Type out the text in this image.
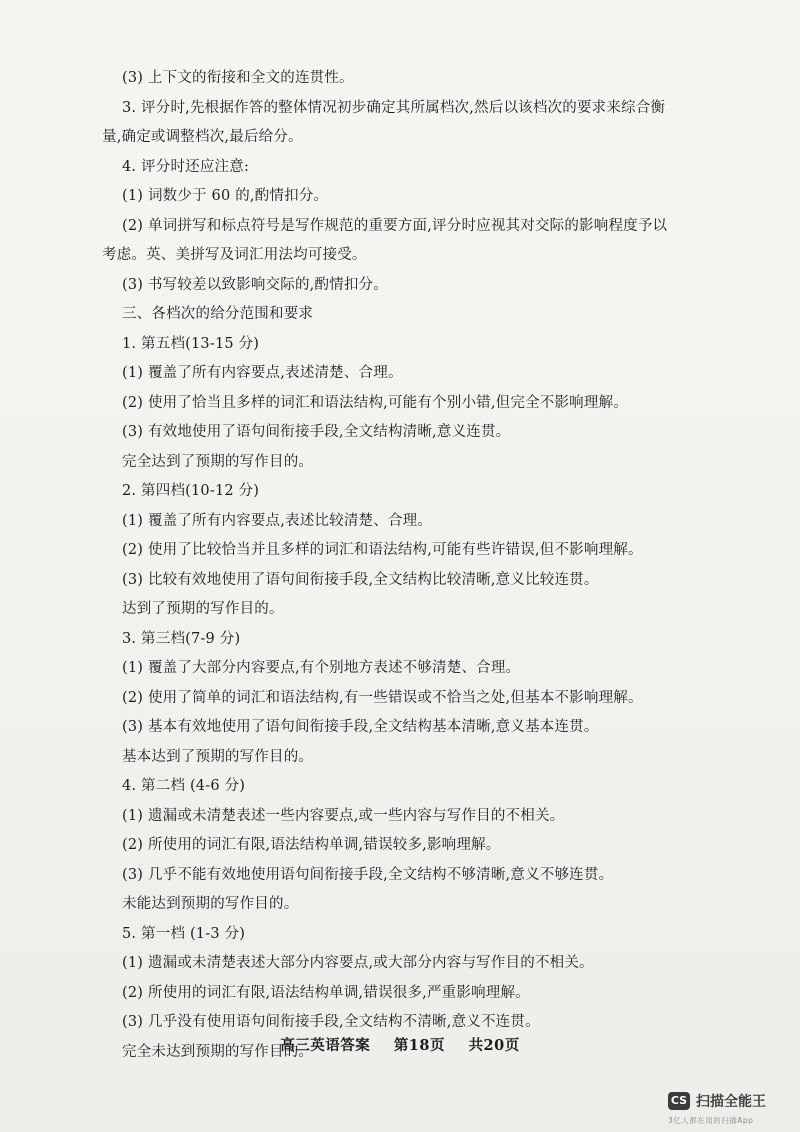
(3) 上下文的衔接和全文的连贯性。
3. 评分时,先根据作答的整体情况初步确定其所属档次,然后以该档次的要求来综合衡
量,确定或调整档次,最后给分。
4. 评分时还应注意:
(1) 词数少于 60 的,酌情扣分。
(2) 单词拼写和标点符号是写作规范的重要方面,评分时应视其对交际的影响程度予以
考虑。英、美拼写及词汇用法均可接受。
(3) 书写较差以致影响交际的,酌情扣分。
三、各档次的给分范围和要求
1. 第五档(13-15 分)
(1) 覆盖了所有内容要点,表述清楚、合理。
(2) 使用了恰当且多样的词汇和语法结构,可能有个别小错,但完全不影响理解。
(3) 有效地使用了语句间衔接手段,全文结构清晰,意义连贯。
完全达到了预期的写作目的。
2. 第四档(10-12 分)
(1) 覆盖了所有内容要点,表述比较清楚、合理。
(2) 使用了比较恰当并且多样的词汇和语法结构,可能有些许错误,但不影响理解。
(3) 比较有效地使用了语句间衔接手段,全文结构比较清晰,意义比较连贯。
达到了预期的写作目的。
3. 第三档(7-9 分)
(1) 覆盖了大部分内容要点,有个别地方表述不够清楚、合理。
(2) 使用了简单的词汇和语法结构,有一些错误或不恰当之处,但基本不影响理解。
(3) 基本有效地使用了语句间衔接手段,全文结构基本清晰,意义基本连贯。
基本达到了预期的写作目的。
4. 第二档 (4-6 分)
(1) 遗漏或未清楚表述一些内容要点,或一些内容与写作目的不相关。
(2) 所使用的词汇有限,语法结构单调,错误较多,影响理解。
(3) 几乎不能有效地使用语句间衔接手段,全文结构不够清晰,意义不够连贯。
未能达到预期的写作目的。
5. 第一档 (1-3 分)
(1) 遗漏或未清楚表述大部分内容要点,或大部分内容与写作目的不相关。
(2) 所使用的词汇有限,语法结构单调,错误很多,严重影响理解。
(3) 几乎没有使用语句间衔接手段,全文结构不清晰,意义不连贯。
完全未达到预期的写作目的。
高三英语答案 第18页 共20页
CS 扫描全能王
3亿人都在用的扫描App
